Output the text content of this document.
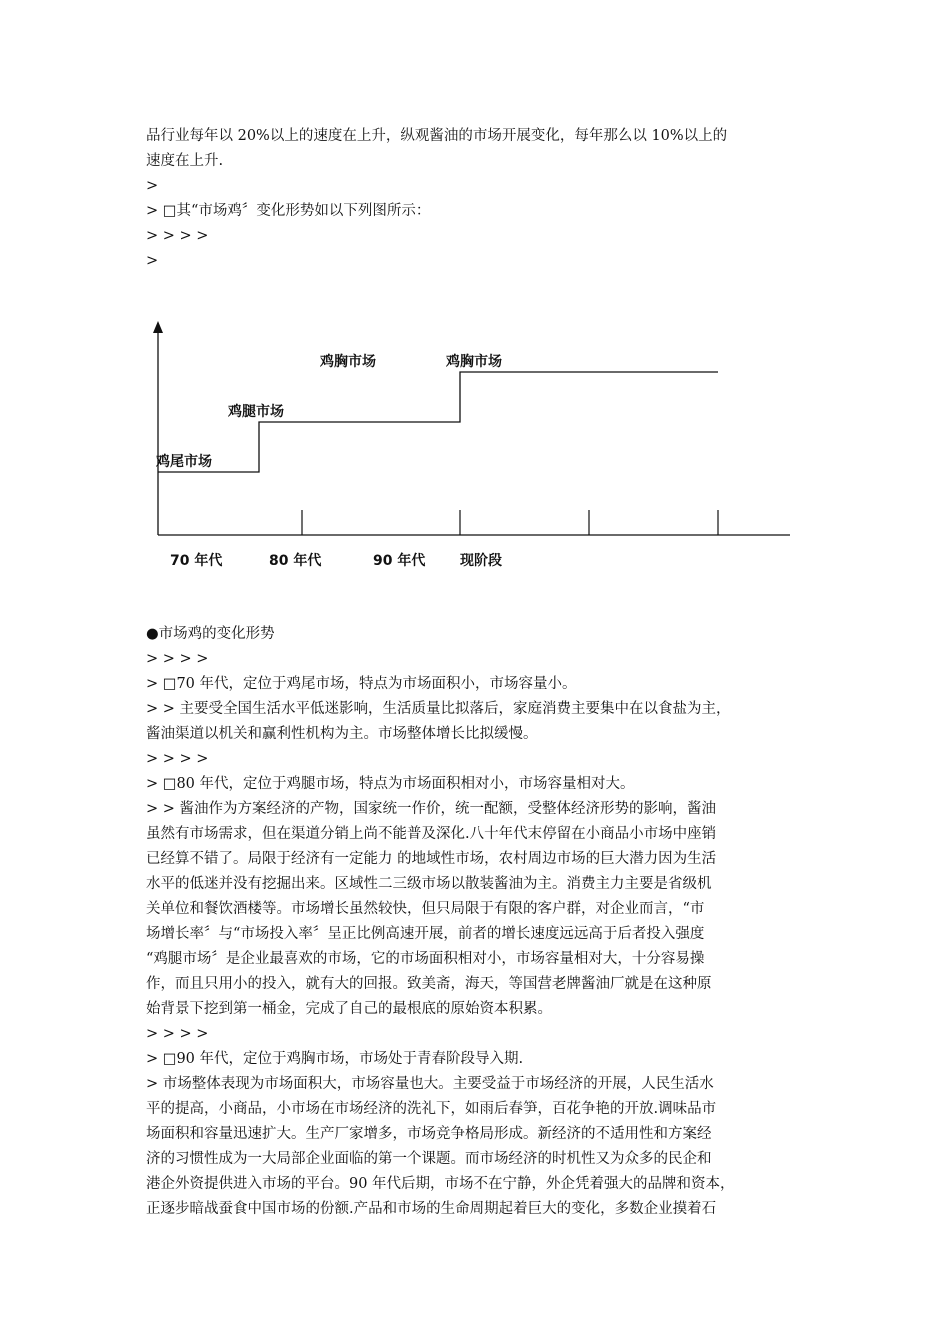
品行业每年以 20%以上的速度在上升，纵观酱油的市场开展变化，每年那么以 10%以上的
速度在上升.
>
> □其“市场鸡〞变化形势如以下列图所示：
> > > >
>
鸡尾市场
鸡腿市场
鸡胸市场	鸡胸市场
70 年代	80 年代	90 年代 现阶段
●市场鸡的变化形势
> > > >
> □70 年代，定位于鸡尾市场，特点为市场面积小，市场容量小。
> > 主要受全国生活水平低迷影响，生活质量比拟落后，家庭消费主要集中在以食盐为主，
酱油渠道以机关和赢利性机构为主。市场整体增长比拟缓慢。
> > > >
> □80 年代，定位于鸡腿市场，特点为市场面积相对小，市场容量相对大。
> > 酱油作为方案经济的产物，国家统一作价，统一配额，受整体经济形势的影响，酱油
虽然有市场需求，但在渠道分销上尚不能普及深化.八十年代末停留在小商品小市场中座销
已经算不错了。局限于经济有一定能力 的地域性市场，农村周边市场的巨大潜力因为生活
水平的低迷并没有挖掘出来。区域性二三级市场以散装酱油为主。消费主力主要是省级机
关单位和餐饮酒楼等。市场增长虽然较快，但只局限于有限的客户群，对企业而言，“市
场增长率〞与“市场投入率〞呈正比例高速开展，前者的增长速度远远高于后者投入强度
“鸡腿市场〞是企业最喜欢的市场，它的市场面积相对小，市场容量相对大，十分容易操
作，而且只用小的投入，就有大的回报。致美斋，海天，等国营老牌酱油厂就是在这种原
始背景下挖到第一桶金，完成了自己的最根底的原始资本积累。
> > > >
> □90 年代，定位于鸡胸市场，市场处于青春阶段导入期.
> 市场整体表现为市场面积大，市场容量也大。主要受益于市场经济的开展，人民生活水
平的提高，小商品，小市场在市场经济的洗礼下，如雨后春笋，百花争艳的开放.调味品市
场面积和容量迅速扩大。生产厂家增多，市场竞争格局形成。新经济的不适用性和方案经
济的习惯性成为一大局部企业面临的第一个课题。而市场经济的时机性又为众多的民企和
港企外资提供进入市场的平台。90 年代后期，市场不在宁静，外企凭着强大的品牌和资本，
正逐步暗战蚕食中国市场的份额.产品和市场的生命周期起着巨大的变化，多数企业摸着石
